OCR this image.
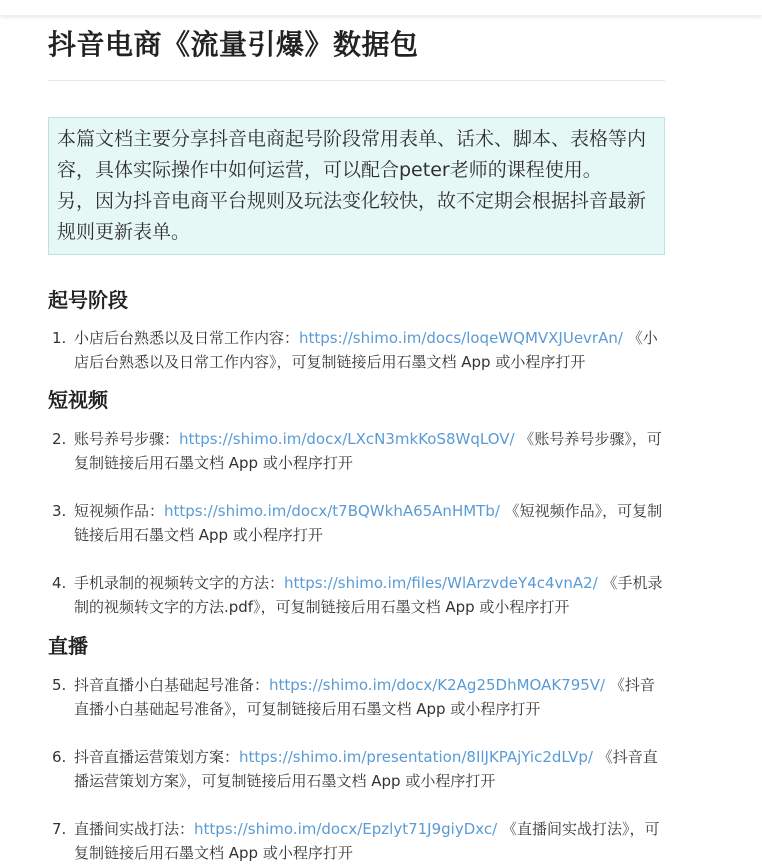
抖音电商《流量引爆》数据包

本篇文档主要分享抖音电商起号阶段常用表单、话术、脚本、表格等内容，具体实际操作中如何运营，可以配合peter老师的课程使用。

另，因为抖音电商平台规则及玩法变化较快，故不定期会根据抖音最新规则更新表单。

起号阶段
1. 小店后台熟悉以及日常工作内容：https://shimo.im/docs/loqeWQMVXJUevrAn/ 《小店后台熟悉以及日常工作内容》，可复制链接后用石墨文档 App 或小程序打开
短视频
2. 账号养号步骤：https://shimo.im/docx/LXcN3mkKoS8WqLOV/ 《账号养号步骤》，可复制链接后用石墨文档 App 或小程序打开
3. 短视频作品：https://shimo.im/docx/t7BQWkhA65AnHMTb/ 《短视频作品》，可复制链接后用石墨文档 App 或小程序打开
4. 手机录制的视频转文字的方法：https://shimo.im/files/WlArzvdeY4c4vnA2/ 《手机录制的视频转文字的方法.pdf》，可复制链接后用石墨文档 App 或小程序打开
直播
5. 抖音直播小白基础起号准备：https://shimo.im/docx/K2Ag25DhMOAK795V/ 《抖音直播小白基础起号准备》，可复制链接后用石墨文档 App 或小程序打开
6. 抖音直播运营策划方案：https://shimo.im/presentation/8IlJKPAjYic2dLVp/ 《抖音直播运营策划方案》，可复制链接后用石墨文档 App 或小程序打开
7. 直播间实战打法：https://shimo.im/docx/Epzlyt71J9giyDxc/ 《直播间实战打法》，可复制链接后用石墨文档 App 或小程序打开
